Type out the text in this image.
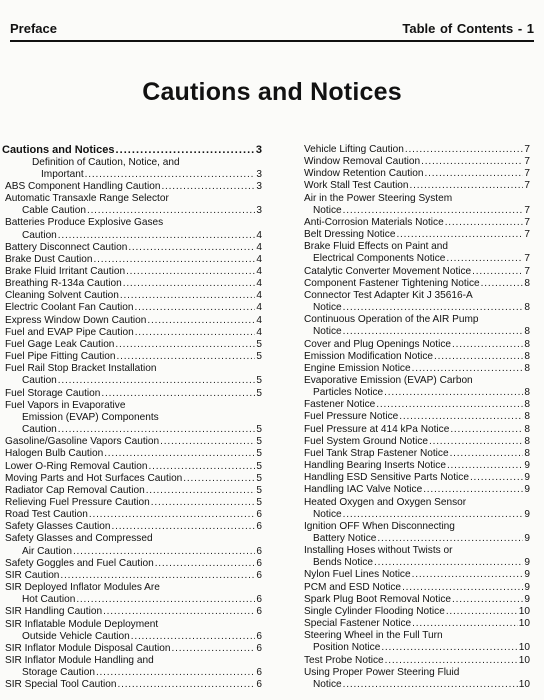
Preface	Table of Contents - 1
Cautions and Notices
Cautions and Notices . . .	3
Definition of Caution, Notice, and
Important . . .	3
ABS Component Handling Caution . . .	3
Automatic Transaxle Range Selector
Cable Caution . . .	3
Batteries Produce Explosive Gases
Caution . . .	4
Battery Disconnect Caution . . .	4
Brake Dust Caution . . .	4
Brake Fluid Irritant Caution . . .	4
Breathing R-134a Caution . . .	4
Cleaning Solvent Caution . . .	4
Electric Coolant Fan Caution . . .	4
Express Window Down Caution . . .	4
Fuel and EVAP Pipe Caution . . .	4
Fuel Gage Leak Caution . . .	5
Fuel Pipe Fitting Caution . . .	5
Fuel Rail Stop Bracket Installation
Caution . . .	5
Fuel Storage Caution . . .	5
Fuel Vapors in Evaporative
Emission (EVAP) Components
Caution . . .	5
Gasoline/Gasoline Vapors Caution . . .	5
Halogen Bulb Caution . . .	5
Lower O-Ring Removal Caution . . .	5
Moving Parts and Hot Surfaces Caution . . .	5
Radiator Cap Removal Caution . . .	5
Relieving Fuel Pressure Caution . . .	5
Road Test Caution . . .	6
Safety Glasses Caution . . .	6
Safety Glasses and Compressed
Air Caution . . .	6
Safety Goggles and Fuel Caution . . .	6
SIR Caution . . .	6
SIR Deployed Inflator Modules Are
Hot Caution . . .	6
SIR Handling Caution . . .	6
SIR Inflatable Module Deployment
Outside Vehicle Caution . . .	6
SIR Inflator Module Disposal Caution . . .	6
SIR Inflator Module Handling and
Storage Caution . . .	6
SIR Special Tool Caution . . .	6
Vehicle Lifting Caution . . .	7
Window Removal Caution . . .	7
Window Retention Caution . . .	7
Work Stall Test Caution . . .	7
Air in the Power Steering System
Notice . . .	7
Anti-Corrosion Materials Notice . . .	7
Belt Dressing Notice . . .	7
Brake Fluid Effects on Paint and
Electrical Components Notice . . .	7
Catalytic Converter Movement Notice . . .	7
Component Fastener Tightening Notice . . .	8
Connector Test Adapter Kit J 35616-A
Notice . . .	8
Continuous Operation of the AIR Pump
Notice . . .	8
Cover and Plug Openings Notice . . .	8
Emission Modification Notice . . .	8
Engine Emission Notice . . .	8
Evaporative Emission (EVAP) Carbon
Particles Notice . . .	8
Fastener Notice . . .	8
Fuel Pressure Notice . . .	8
Fuel Pressure at 414 kPa Notice . . .	8
Fuel System Ground Notice . . .	8
Fuel Tank Strap Fastener Notice . . .	8
Handling Bearing Inserts Notice . . .	9
Handling ESD Sensitive Parts Notice . . .	9
Handling IAC Valve Notice . . .	9
Heated Oxygen and Oxygen Sensor
Notice . . .	9
Ignition OFF When Disconnecting
Battery Notice . . .	9
Installing Hoses without Twists or
Bends Notice . . .	9
Nylon Fuel Lines Notice . . .	9
PCM and ESD Notice . . .	9
Spark Plug Boot Removal Notice . . .	9
Single Cylinder Flooding Notice . . .	10
Special Fastener Notice . . .	10
Steering Wheel in the Full Turn
Position Notice . . .	10
Test Probe Notice . . .	10
Using Proper Power Steering Fluid
Notice . . .	10
